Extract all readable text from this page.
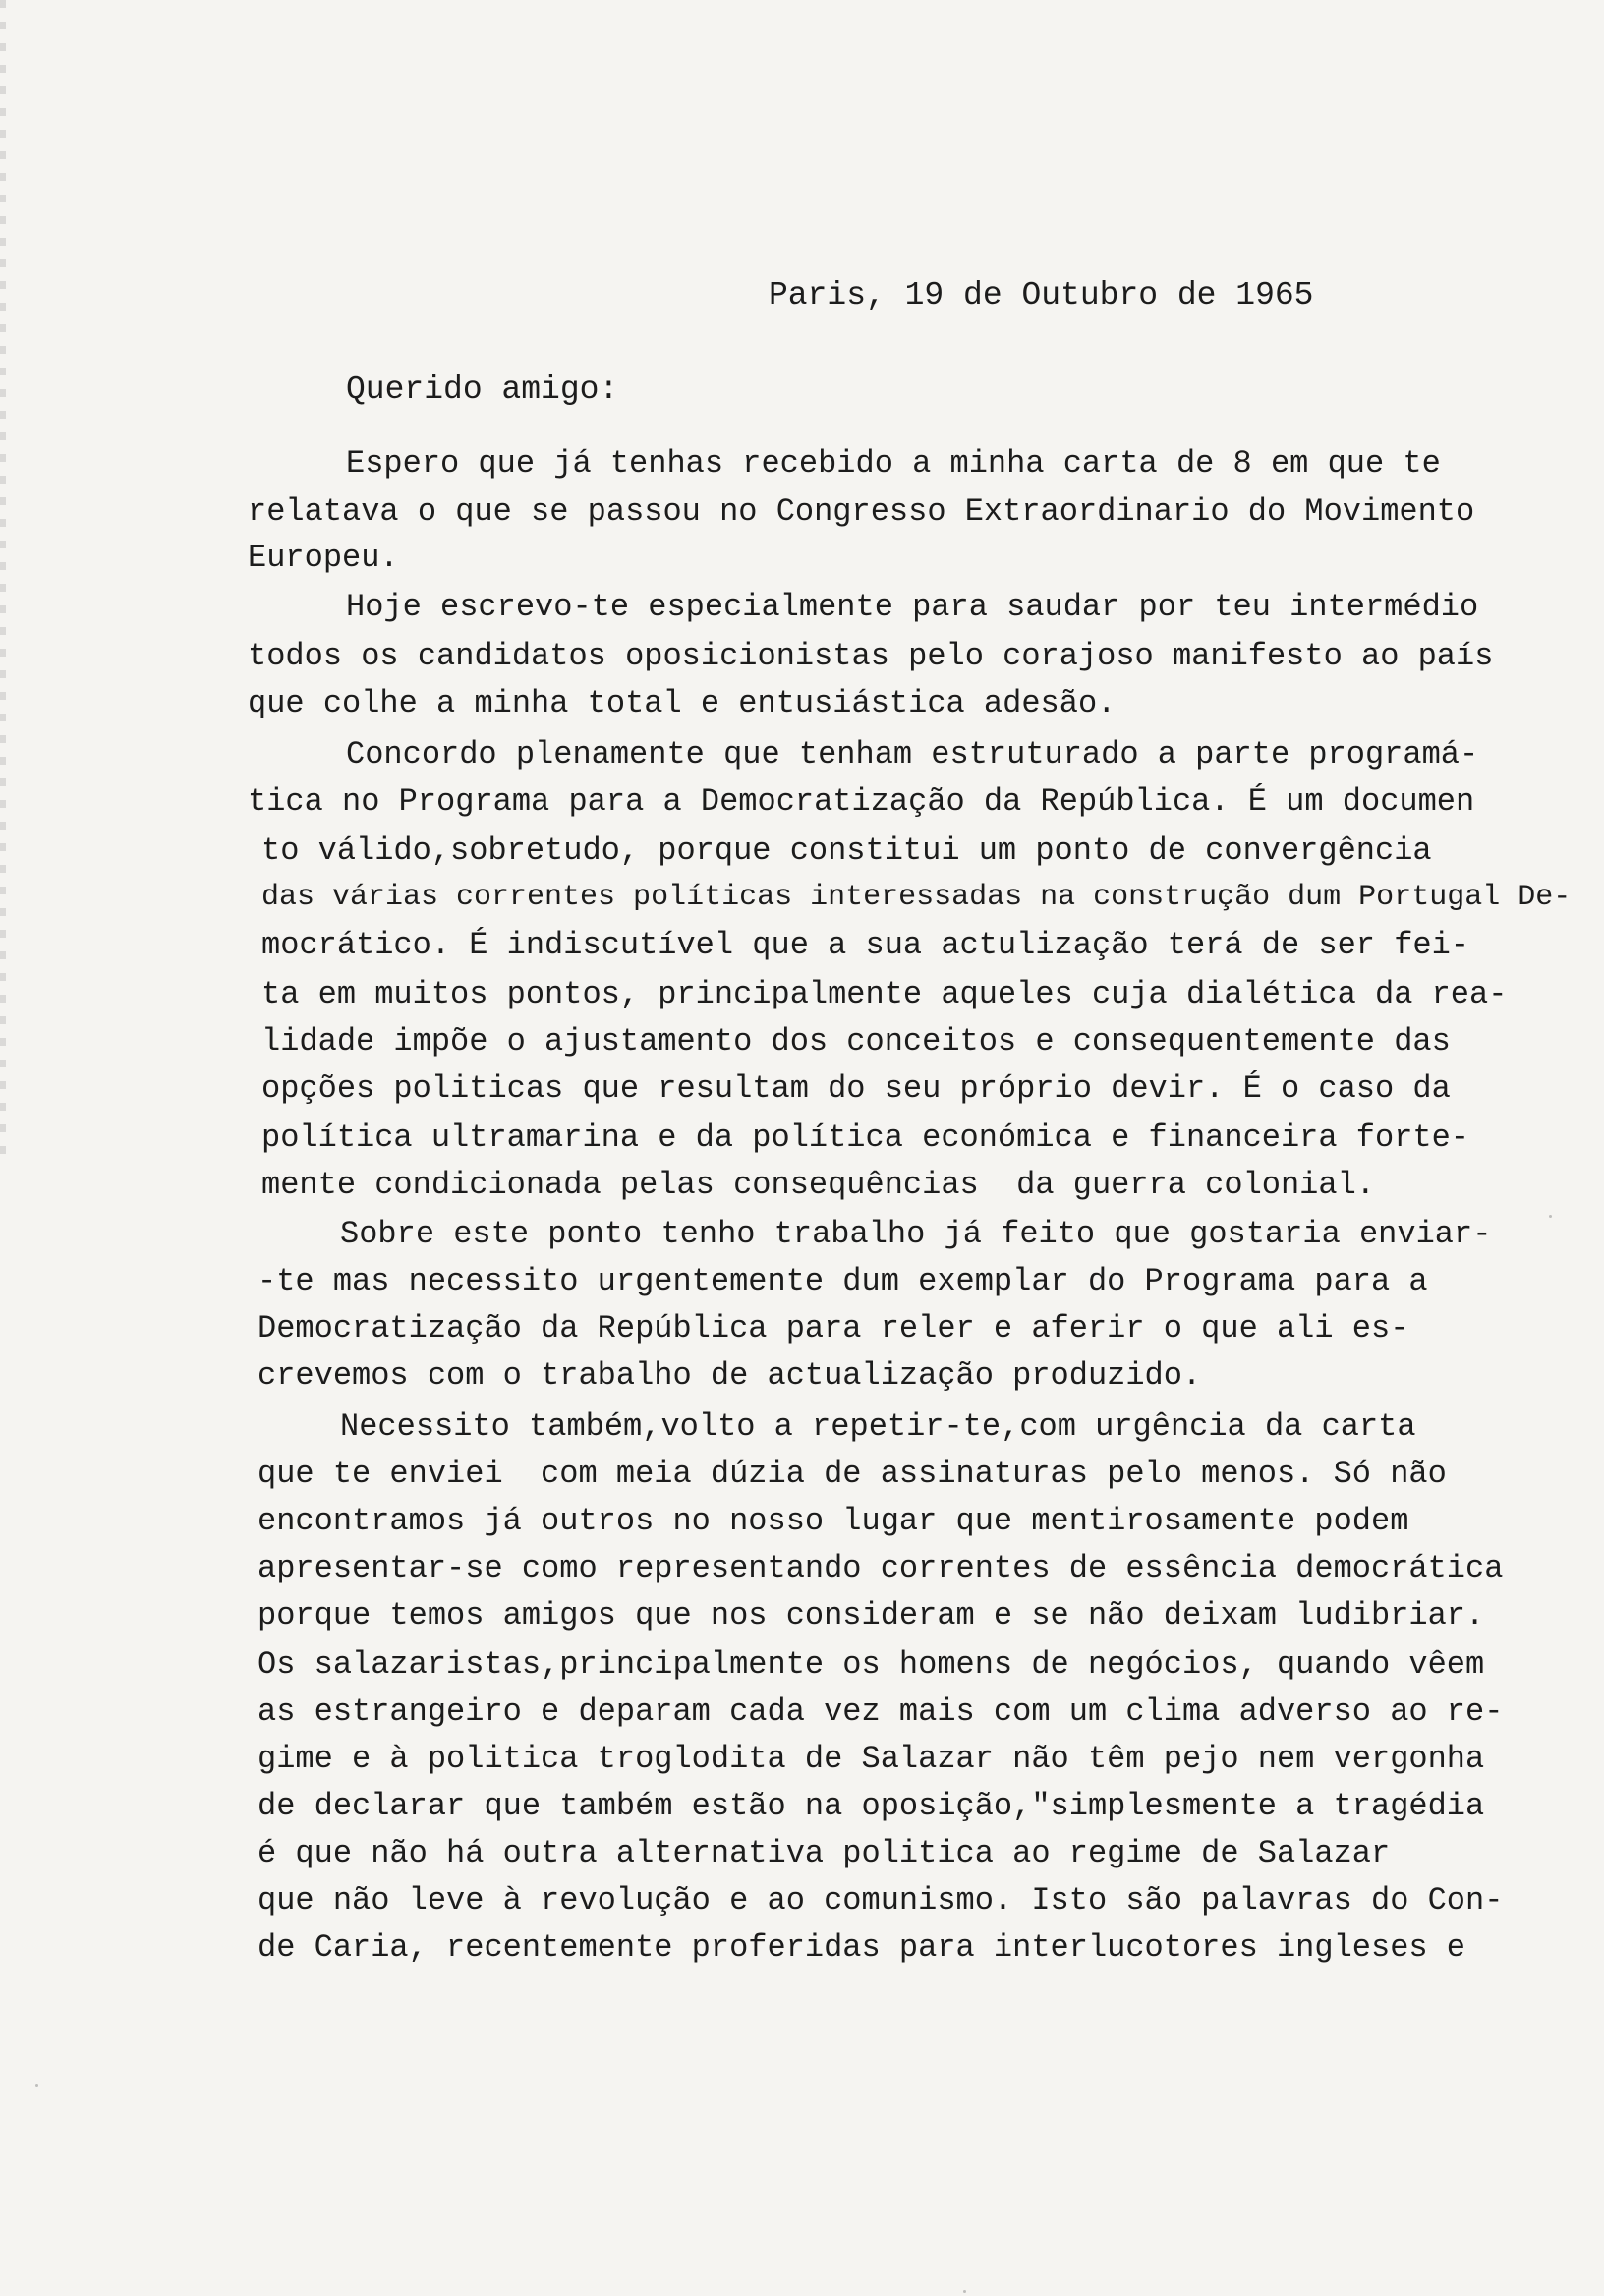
Paris, 19 de Outubro de 1965

Querido amigo:

Espero que já tenhas recebido a minha carta de 8 em que te

relatava o que se passou no Congresso Extraordinario do Movimento

Europeu.

Hoje escrevo-te especialmente para saudar por teu intermédio

todos os candidatos oposicionistas pelo corajoso manifesto ao país

que colhe a minha total e entusiástica adesão.

Concordo plenamente que tenham estruturado a parte programá-

tica no Programa para a Democratização da República. É um documen

to válido,sobretudo, porque constitui um ponto de convergência

das várias correntes políticas interessadas na construção dum Portugal De-

mocrático. É indiscutível que a sua actulização terá de ser fei-

ta em muitos pontos, principalmente aqueles cuja dialética da rea-

lidade impõe o ajustamento dos conceitos e consequentemente das

opções politicas que resultam do seu próprio devir. É o caso da

política ultramarina e da política económica e financeira forte-

mente condicionada pelas consequências  da guerra colonial.

Sobre este ponto tenho trabalho já feito que gostaria enviar-

-te mas necessito urgentemente dum exemplar do Programa para a

Democratização da República para reler e aferir o que ali es-

crevemos com o trabalho de actualização produzido.

Necessito também,volto a repetir-te,com urgência da carta

que te enviei  com meia dúzia de assinaturas pelo menos. Só não

encontramos já outros no nosso lugar que mentirosamente podem

apresentar-se como representando correntes de essência democrática

porque temos amigos que nos consideram e se não deixam ludibriar.

Os salazaristas,principalmente os homens de negócios, quando vêem

as estrangeiro e deparam cada vez mais com um clima adverso ao re-

gime e à politica troglodita de Salazar não têm pejo nem vergonha

de declarar que também estão na oposição,"simplesmente a tragédia

é que não há outra alternativa politica ao regime de Salazar

que não leve à revolução e ao comunismo. Isto são palavras do Con-

de Caria, recentemente proferidas para interlucotores ingleses e
